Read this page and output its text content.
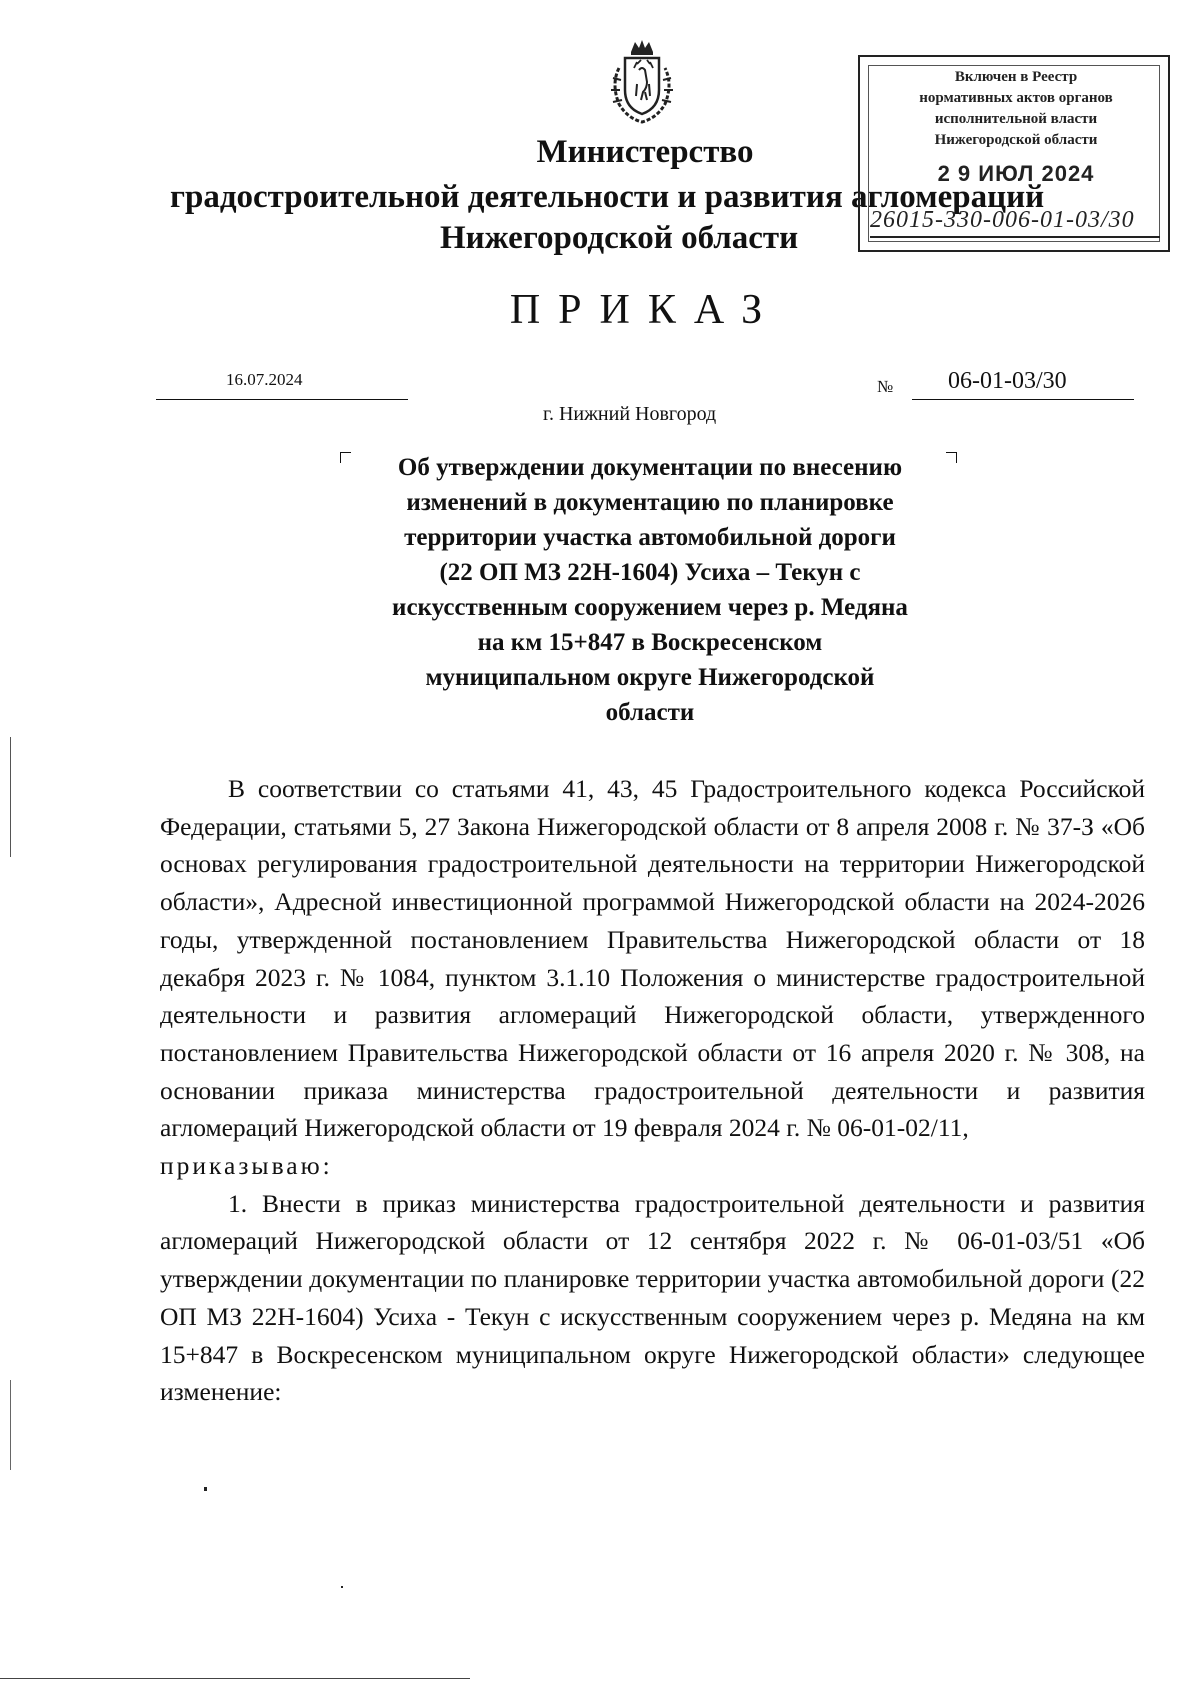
Министерство
градостроительной деятельности и развития агломераций
Нижегородской области
Включен в Реестр
нормативных актов органов
исполнительной власти
Нижегородской области
2 9 ИЮЛ 2024
26015-330-006-01-03/30
ПРИКАЗ
16.07.2024	№ 06-01-03/30
г. Нижний Новгород
Об утверждении документации по внесению
изменений в документацию по планировке
территории участка автомобильной дороги
(22 ОП МЗ 22Н-1604) Усиха – Текун с
искусственным сооружением через р. Медяна
на км 15+847 в Воскресенском
муниципальном округе Нижегородской
области

В соответствии со статьями 41, 43, 45 Градостроительного кодекса Российской Федерации, статьями 5, 27 Закона Нижегородской области от 8 апреля 2008 г. № 37-З «Об основах регулирования градостроительной деятельности на территории Нижегородской области», Адресной инвестиционной программой Нижегородской области на 2024-2026 годы, утвержденной постановлением Правительства Нижегородской области от 18 декабря 2023 г. № 1084, пунктом 3.1.10 Положения о министерстве градостроительной деятельности и развития агломераций Нижегородской области, утвержденного постановлением Правительства Нижегородской области от 16 апреля 2020 г. № 308, на основании приказа министерства градостроительной деятельности и развития агломераций Нижегородской области от 19 февраля 2024 г. № 06-01-02/11,

приказываю:

1. Внести в приказ министерства градостроительной деятельности и развития агломераций Нижегородской области от 12 сентября 2022 г. № 06-01-03/51 «Об утверждении документации по планировке территории участка автомобильной дороги (22 ОП МЗ 22Н-1604) Усиха - Текун с искусственным сооружением через р. Медяна на км 15+847 в Воскресенском муниципальном округе Нижегородской области» следующее изменение:
